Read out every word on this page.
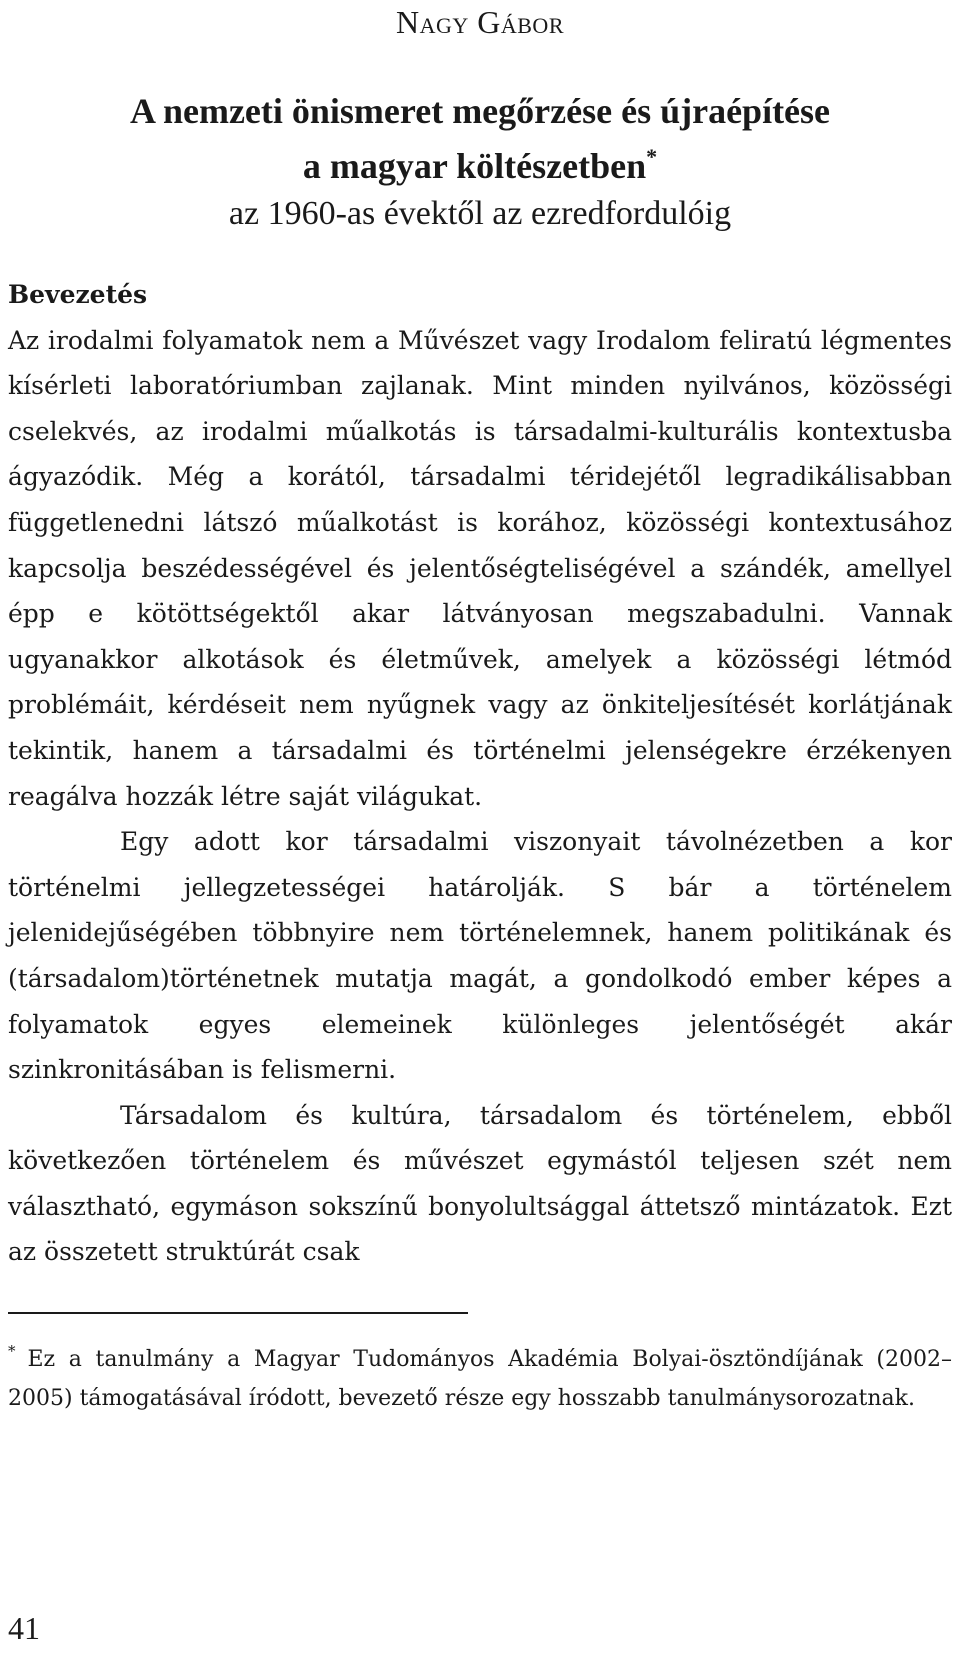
Nagy Gábor
A nemzeti önismeret megőrzése és újraépítése
a magyar költészetben*
az 1960-as évektől az ezredfordulóig

Bevezetés

Az irodalmi folyamatok nem a Művészet vagy Irodalom feliratú légmentes kísérleti laboratóriumban zajlanak. Mint minden nyilvános, közösségi cselekvés, az irodalmi műalkotás is társadalmi-kulturális kontextusba ágyazódik. Még a korától, társadalmi téridejétől legradikálisabban függetlenedni látszó műalkotást is korához, közösségi kontextusához kapcsolja beszédességével és jelentőségteliségével a szándék, amellyel épp e kötöttségektől akar látványosan megszabadulni. Vannak ugyanakkor alkotások és életművek, amelyek a közösségi létmód problémáit, kérdéseit nem nyűgnek vagy az önkiteljesítését korlátjának tekintik, hanem a társadalmi és történelmi jelenségekre érzékenyen reagálva hozzák létre saját világukat.

Egy adott kor társadalmi viszonyait távolnézetben a kor történelmi jellegzetességei határolják. S bár a történelem jelenidejűségében többnyire nem történelemnek, hanem politikának és (társadalom)történetnek mutatja magát, a gondolkodó ember képes a folyamatok egyes elemeinek különleges jelentőségét akár szinkronitásában is felismerni.

Társadalom és kultúra, társadalom és történelem, ebből következően történelem és művészet egymástól teljesen szét nem választható, egymáson sokszínű bonyolultsággal áttetsző mintázatok. Ezt az összetett struktúrát csak

* Ez a tanulmány a Magyar Tudományos Akadémia Bolyai-ösztöndíjának (2002–2005) támogatásával íródott, bevezető része egy hosszabb tanulmánysorozatnak.
41
